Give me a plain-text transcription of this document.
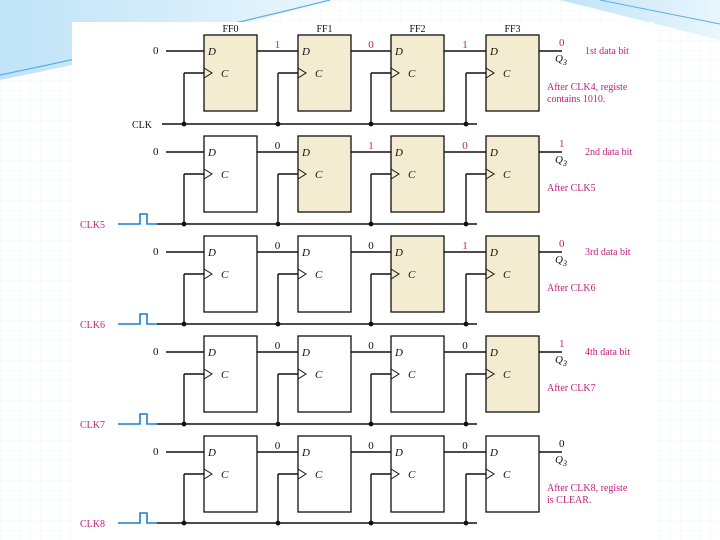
FF0	FF1	FF2	FF3
D
C
D
C
D
C
D
C
0	1	0	1	0
$Q_3$
1st data bit
After CLK4, registe
contains 1010.
CLK
D
C
D
C
D
C
D
C
0	0	1	0	1
$Q_3$
2nd data bit
After CLK5
CLK5
D
C
D
C
D
C
D
C
0	0	0	1	0
$Q_3$
3rd data bit
After CLK6
CLK6
D
C
D
C
D
C
D
C
0	0	0	0	1
$Q_3$
4th data bit
After CLK7
CLK7
D
C
D
C
D
C
D
C
0	0	0	0	0
$Q_3$
After CLK8, registe
is CLEAR.
CLK8
